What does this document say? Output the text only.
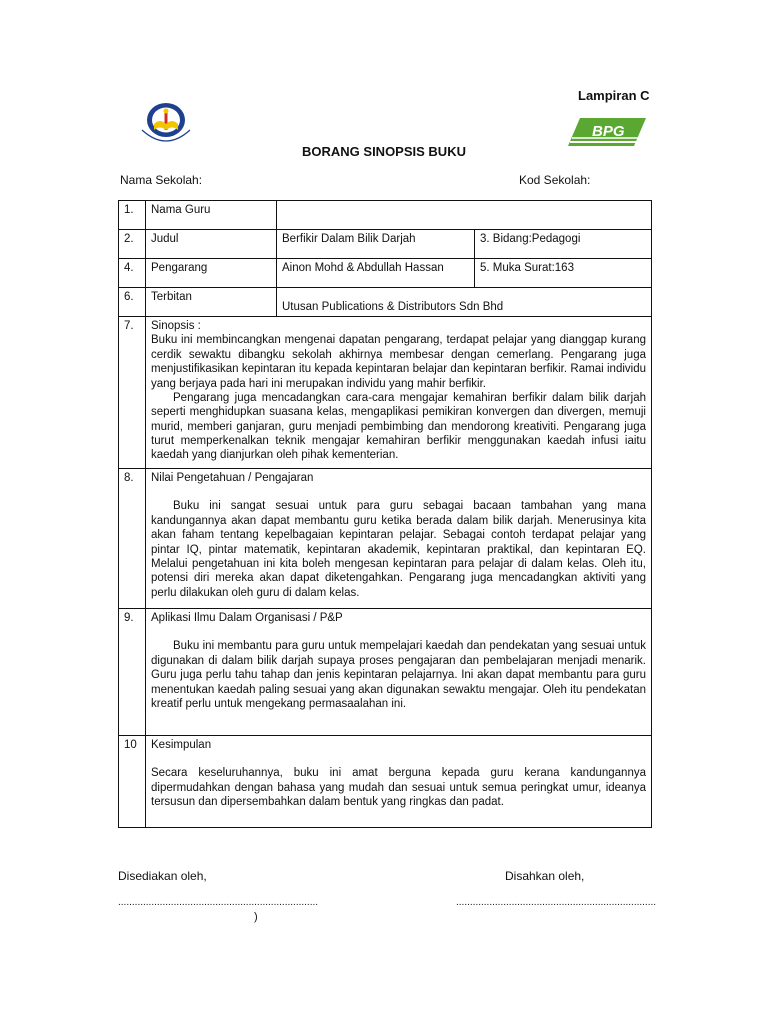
Lampiran C
BPG
BORANG SINOPSIS BUKU
Nama Sekolah:	Kod Sekolah:
1.	Nama Guru		
2.	Judul	Berfikir Dalam Bilik Darjah	3. Bidang:Pedagogi
4.	Pengarang	Ainon Mohd & Abdullah Hassan	5. Muka Surat:163
6.	Terbitan	Utusan Publications & Distributors Sdn Bhd	
7.	Sinopsis :

Buku ini membincangkan mengenai dapatan pengarang, terdapat pelajar yang dianggap kurang cerdik sewaktu dibangku sekolah akhirnya membesar dengan cemerlang. Pengarang juga menjustifikasikan kepintaran itu kepada kepintaran belajar dan kepintaran berfikir. Ramai individu yang berjaya pada hari ini merupakan individu yang mahir berfikir.

Pengarang juga mencadangkan cara-cara mengajar kemahiran berfikir dalam bilik darjah seperti menghidupkan suasana kelas, mengaplikasi pemikiran konvergen dan divergen, memuji murid, memberi ganjaran, guru menjadi pembimbing dan mendorong kreativiti. Pengarang juga turut memperkenalkan teknik mengajar kemahiran berfikir menggunakan kaedah infusi iaitu kaedah yang dianjurkan oleh pihak kementerian.		

8.	Nilai Pengetahuan / Pengajaran

Buku ini sangat sesuai untuk para guru sebagai bacaan tambahan yang mana kandungannya akan dapat membantu guru ketika berada dalam bilik darjah. Menerusinya kita akan faham tentang kepelbagaian kepintaran pelajar. Sebagai contoh terdapat pelajar yang pintar IQ, pintar matematik, kepintaran akademik, kepintaran praktikal, dan kepintaran EQ. Melalui pengetahuan ini kita boleh mengesan kepintaran para pelajar di dalam kelas. Oleh itu, potensi diri mereka akan dapat diketengahkan. Pengarang juga mencadangkan aktiviti yang perlu dilakukan oleh guru di dalam kelas.		

9.	Aplikasi Ilmu Dalam Organisasi / P&P

Buku ini membantu para guru untuk mempelajari kaedah dan pendekatan yang sesuai untuk digunakan di dalam bilik darjah supaya proses pengajaran dan pembelajaran menjadi menarik. Guru juga perlu tahu tahap dan jenis kepintaran pelajarnya. Ini akan dapat membantu para guru menentukan kaedah paling sesuai yang akan digunakan sewaktu mengajar. Oleh itu pendekatan kreatif perlu untuk mengekang permasaalahan ini.		

10	Kesimpulan

Secara keseluruhannya, buku ini amat berguna kepada guru kerana kandungannya dipermudahkan dengan bahasa yang mudah dan sesuai untuk semua peringkat umur, ideanya tersusun dan dipersembahkan dalam bentuk yang ringkas dan padat.		

Disediakan oleh,	Disahkan oleh,
........................................................................	........................................................................
)
